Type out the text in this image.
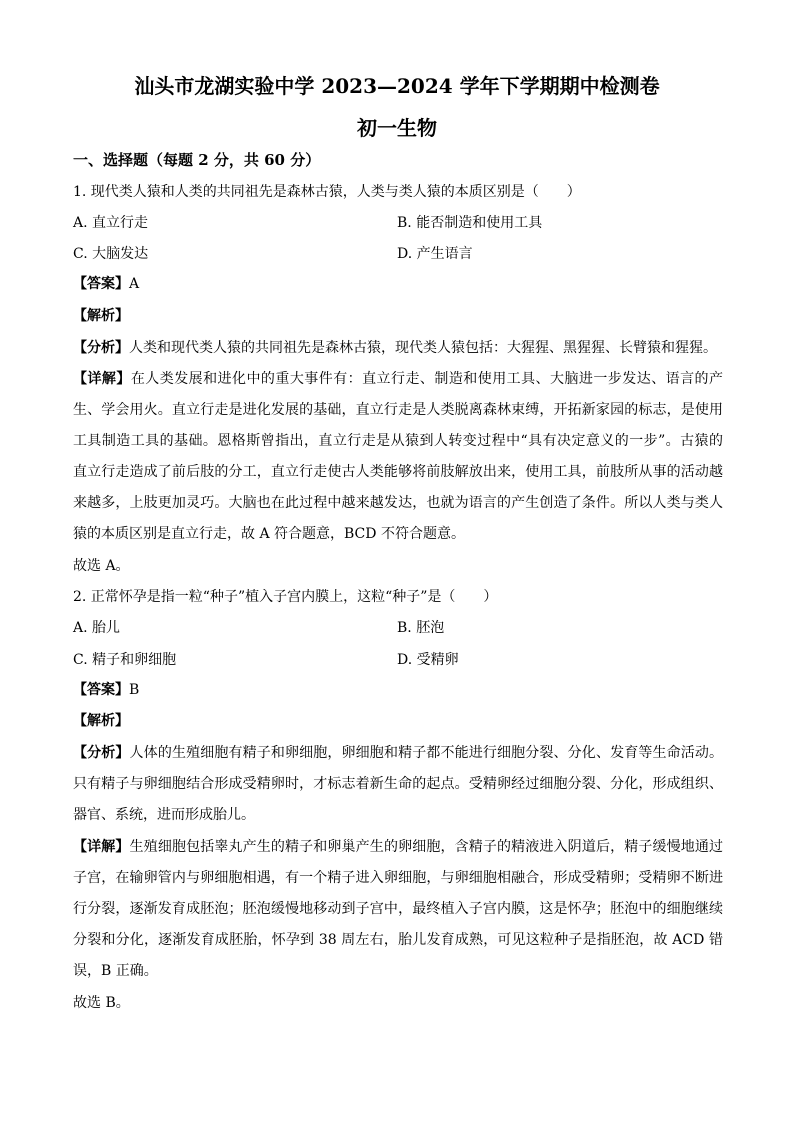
汕头市龙湖实验中学 2023—2024 学年下学期期中检测卷
初一生物
一、选择题（每题 2 分，共 60 分）
1. 现代类人猿和人类的共同祖先是森林古猿，人类与类人猿的本质区别是（　　）
A. 直立行走	B. 能否制造和使用工具
C. 大脑发达	D. 产生语言
【答案】A
【解析】
【分析】人类和现代类人猿的共同祖先是森林古猿，现代类人猿包括：大猩猩、黑猩猩、长臂猿和猩猩。
【详解】在人类发展和进化中的重大事件有：直立行走、制造和使用工具、大脑进一步发达、语言的产
生、学会用火。直立行走是进化发展的基础，直立行走是人类脱离森林束缚，开拓新家园的标志，是使用
工具制造工具的基础。恩格斯曾指出，直立行走是从猿到人转变过程中“具有决定意义的一步”。古猿的
直立行走造成了前后肢的分工，直立行走使古人类能够将前肢解放出来，使用工具，前肢所从事的活动越
来越多，上肢更加灵巧。大脑也在此过程中越来越发达，也就为语言的产生创造了条件。所以人类与类人
猿的本质区别是直立行走，故 A 符合题意，BCD 不符合题意。
故选 A。
2. 正常怀孕是指一粒“种子”植入子宫内膜上，这粒“种子”是（　　）
A. 胎儿	B. 胚泡
C. 精子和卵细胞	D. 受精卵
【答案】B
【解析】
【分析】人体的生殖细胞有精子和卵细胞，卵细胞和精子都不能进行细胞分裂、分化、发育等生命活动。
只有精子与卵细胞结合形成受精卵时，才标志着新生命的起点。受精卵经过细胞分裂、分化，形成组织、
器官、系统，进而形成胎儿。
【详解】生殖细胞包括睾丸产生的精子和卵巢产生的卵细胞，含精子的精液进入阴道后，精子缓慢地通过
子宫，在输卵管内与卵细胞相遇，有一个精子进入卵细胞，与卵细胞相融合，形成受精卵；受精卵不断进
行分裂，逐渐发育成胚泡；胚泡缓慢地移动到子宫中，最终植入子宫内膜，这是怀孕；胚泡中的细胞继续
分裂和分化，逐渐发育成胚胎，怀孕到 38 周左右，胎儿发育成熟，可见这粒种子是指胚泡，故 ACD 错
误，B 正确。
故选 B。
